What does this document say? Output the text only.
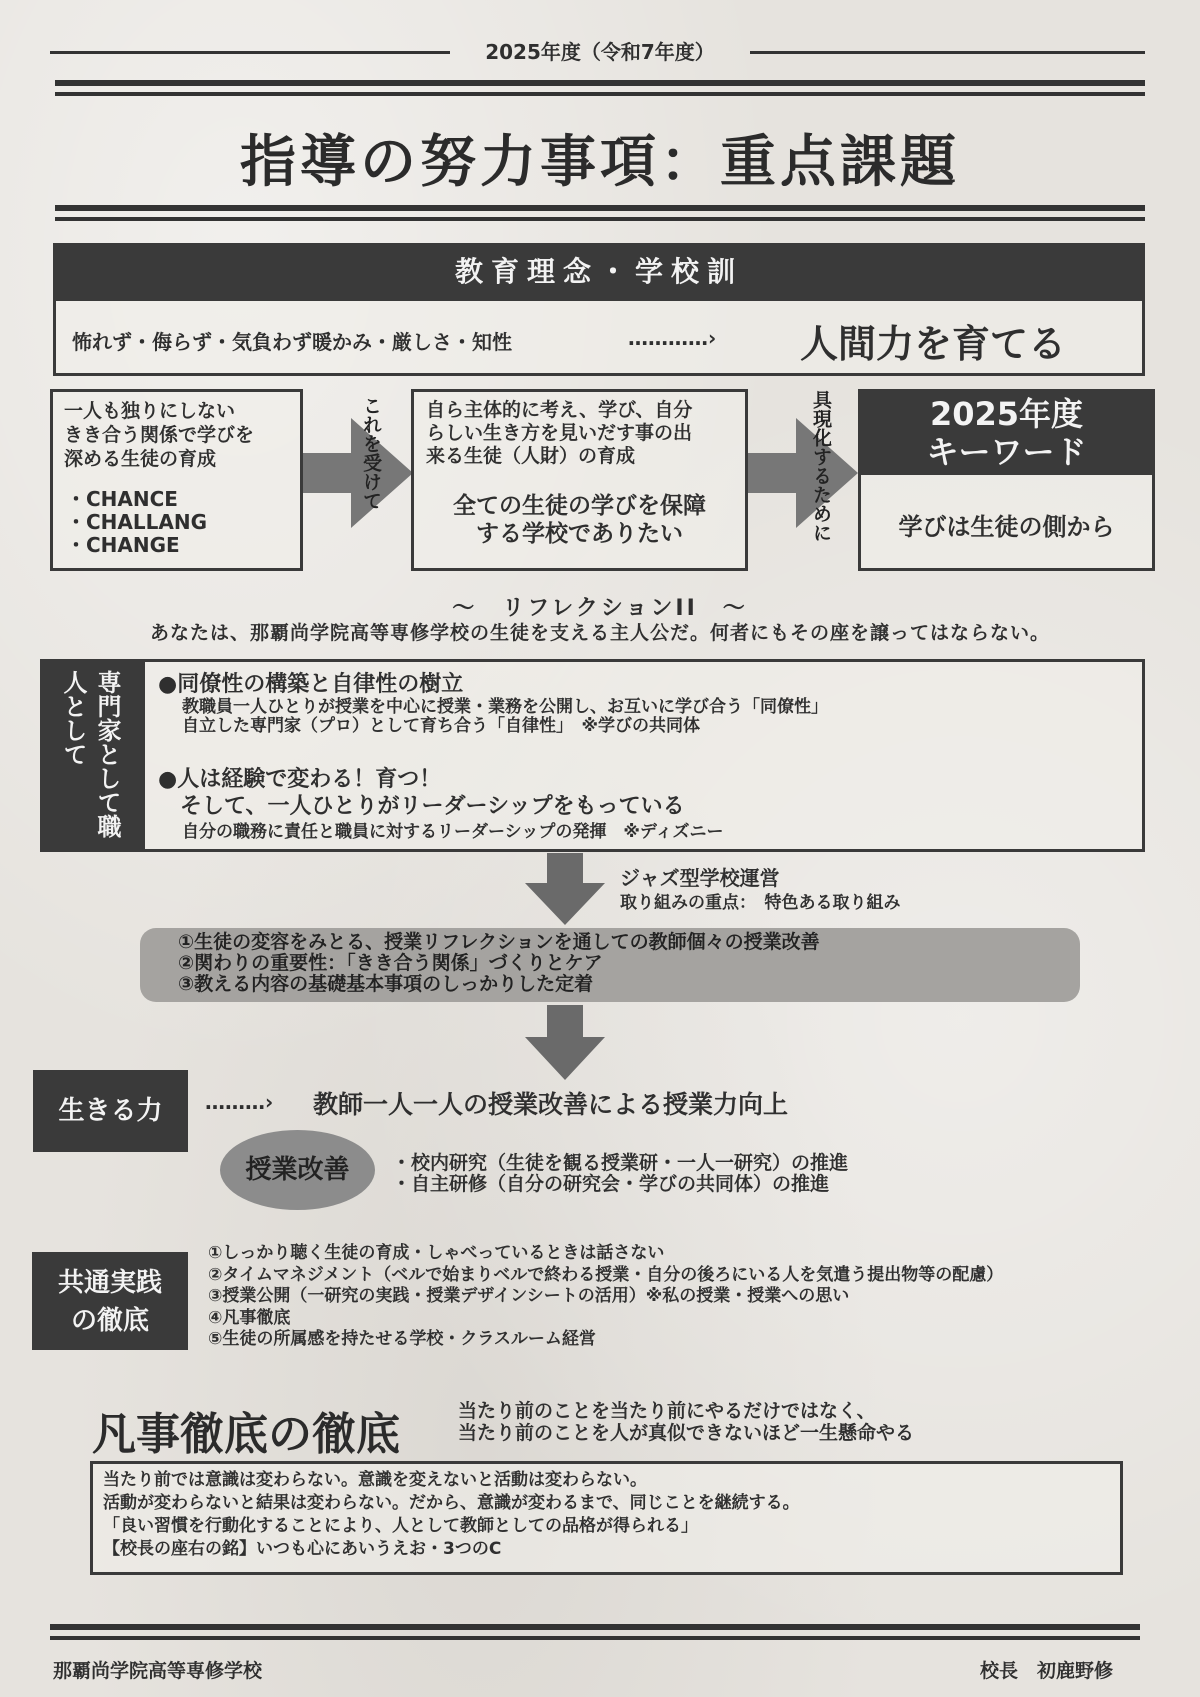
2025年度（令和7年度）
指導の努力事項：重点課題
教育理念・学校訓
怖れず・侮らず・気負わず暖かみ・厳しさ・知性	…………› 人間力を育てる
一人も独りにしない
きき合う関係で学びを
深める生徒の育成
・CHANCE
・CHALLANG
・CHANGE
これを受けて 自ら主体的に考え、学び、自分
らしい生き方を見いだす事の出
来る生徒（人財）の育成
全ての生徒の学びを保障
する学校でありたい	具現化するために	2025年度
キーワード
学びは生徒の側から
〜　リフレクションII　〜
あなたは、那覇尚学院高等専修学校の生徒を支える主人公だ。何者にもその座を譲ってはならない。
専門家として職人として	●同僚性の構築と自律性の樹立
教職員一人ひとりが授業を中心に授業・業務を公開し、お互いに学び合う「同僚性」
自立した専門家（プロ）として育ち合う「自律性」　※学びの共同体
●人は経験で変わる！育つ！
　そして、一人ひとりがリーダーシップをもっている
自分の職務に責任と職員に対するリーダーシップの発揮　※ディズニー
ジャズ型学校運営
取り組みの重点：　特色ある取り組み
①生徒の変容をみとる、授業リフレクションを通しての教師個々の授業改善
②関わりの重要性：「きき合う関係」づくりとケア
③教える内容の基礎基本事項のしっかりした定着
生きる力	………› 教師一人一人の授業改善による授業力向上
授業改善	・校内研究（生徒を観る授業研・一人一研究）の推進
・自主研修（自分の研究会・学びの共同体）の推進
共通実践
の徹底
①しっかり聴く生徒の育成・しゃべっているときは話さない
②タイムマネジメント（ベルで始まりベルで終わる授業・自分の後ろにいる人を気遣う提出物等の配慮）
③授業公開（一研究の実践・授業デザインシートの活用）※私の授業・授業への思い
④凡事徹底
⑤生徒の所属感を持たせる学校・クラスルーム経営
凡事徹底の徹底	当たり前のことを当たり前にやるだけではなく、
当たり前のことを人が真似できないほど一生懸命やる
当たり前では意識は変わらない。意識を変えないと活動は変わらない。
活動が変わらないと結果は変わらない。だから、意識が変わるまで、同じことを継続する。
「良い習慣を行動化することにより、人として教師としての品格が得られる」
【校長の座右の銘】いつも心にあいうえお・3つのC
那覇尚学院高等専修学校	校長　初鹿野修
